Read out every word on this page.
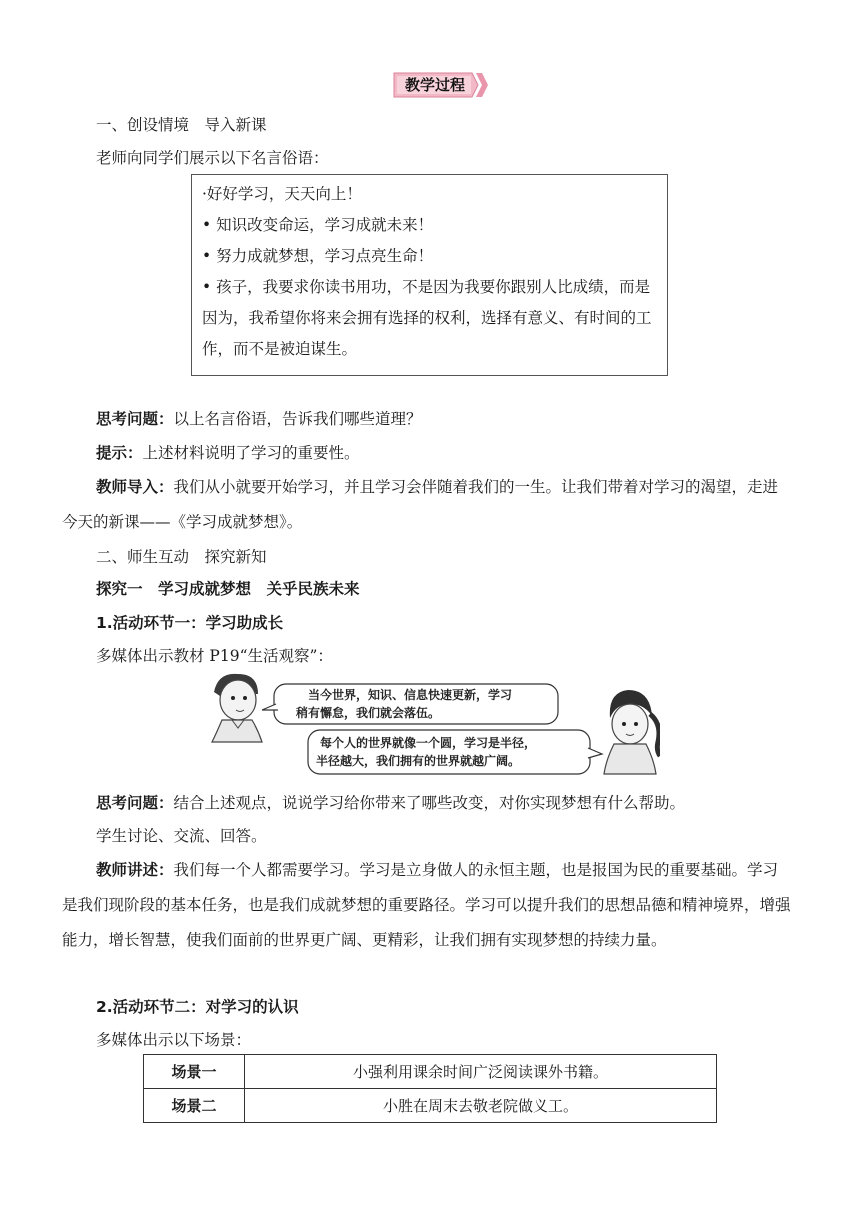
教学过程
一、创设情境　导入新课
老师向同学们展示以下名言俗语：
·好好学习，天天向上！
• 知识改变命运，学习成就未来！
• 努力成就梦想，学习点亮生命！
• 孩子，我要求你读书用功，不是因为我要你跟别人比成绩，而是因为，我希望你将来会拥有选择的权利，选择有意义、有时间的工作，而不是被迫谋生。
思考问题：以上名言俗语，告诉我们哪些道理？
提示：上述材料说明了学习的重要性。
教师导入：我们从小就要开始学习，并且学习会伴随着我们的一生。让我们带着对学习的渴望，走进今天的新课——《学习成就梦想》。
二、师生互动　探究新知
探究一　学习成就梦想　关乎民族未来
1.活动环节一：学习助成长
多媒体出示教材 P19“生活观察”：
当今世界，知识、信息快速更新，学习
稍有懈怠，我们就会落伍。
每个人的世界就像一个圆，学习是半径，
半径越大，我们拥有的世界就越广阔。
思考问题：结合上述观点，说说学习给你带来了哪些改变，对你实现梦想有什么帮助。
学生讨论、交流、回答。
教师讲述：我们每一个人都需要学习。学习是立身做人的永恒主题，也是报国为民的重要基础。学习是我们现阶段的基本任务，也是我们成就梦想的重要路径。学习可以提升我们的思想品德和精神境界，增强能力，增长智慧，使我们面前的世界更广阔、更精彩，让我们拥有实现梦想的持续力量。
2.活动环节二：对学习的认识
多媒体出示以下场景：
场景一	小强利用课余时间广泛阅读课外书籍。
场景二	小胜在周末去敬老院做义工。
